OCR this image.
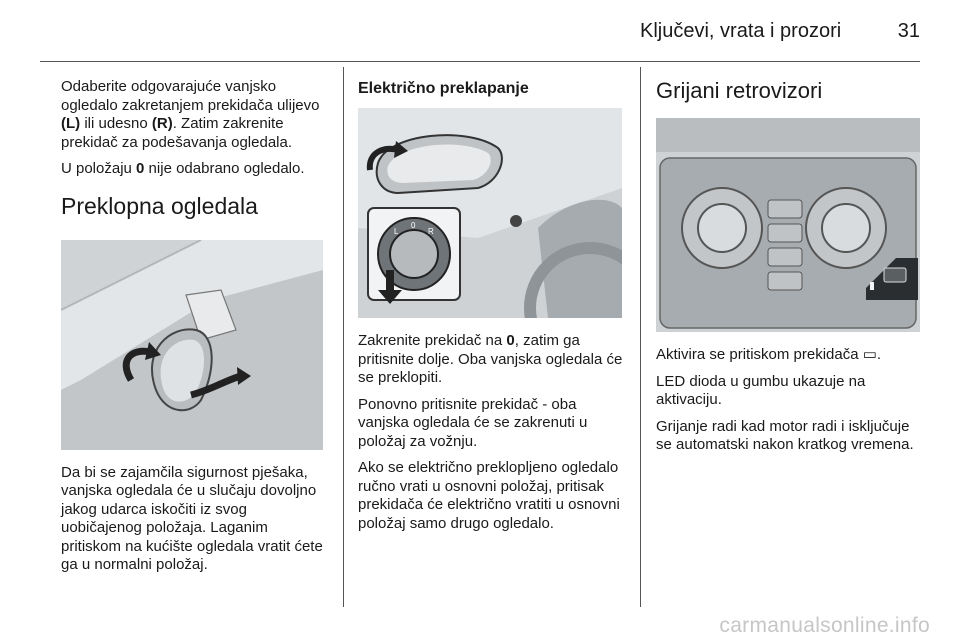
Ključevi, vrata i prozori	31

Odaberite odgovarajuće vanjsko ogledalo zakretanjem prekidača ulijevo (L) ili udesno (R). Zatim zakrenite prekidač za podešavanja ogledala.

U položaju 0 nije odabrano ogledalo.

Preklopna ogledala

Da bi se zajamčila sigurnost pješaka, vanjska ogledala će u slučaju dovoljno jakog udarca iskočiti iz svog uobičajenog položaja. Laganim pritiskom na kućište ogledala vratit ćete ga u normalni položaj.

Električno preklapanje
L
0
R

Zakrenite prekidač na 0, zatim ga pritisnite dolje. Oba vanjska ogledala će se preklopiti.

Ponovno pritisnite prekidač - oba vanjska ogledala će se zakrenuti u položaj za vožnju.

Ako se električno preklopljeno ogledalo ručno vrati u osnovni položaj, pritisak prekidača će električno vratiti u osnovni položaj samo drugo ogledalo.

Grijani retrovizori

Aktivira se pritiskom prekidača ▭.

LED dioda u gumbu ukazuje na aktivaciju.

Grijanje radi kad motor radi i isključuje se automatski nakon kratkog vremena.

carmanualsonline.info
